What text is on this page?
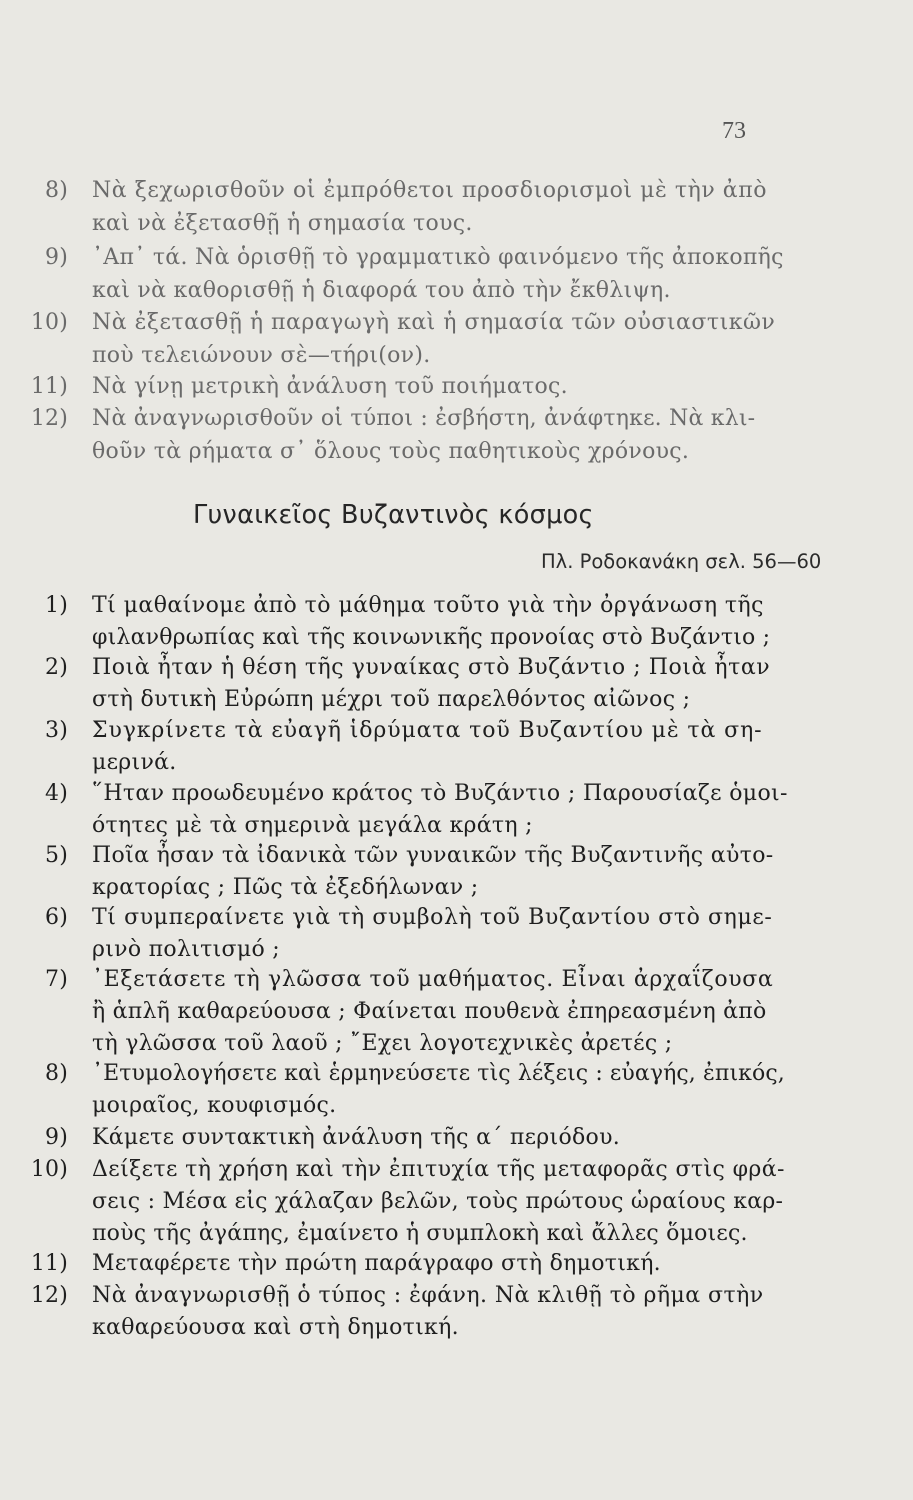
73
8) Νὰ ξεχωρισθοῦν οἱ ἐμπρόθετοι προσδιορισμοὶ μὲ τὴν ἀπὸ
καὶ νὰ ἐξετασθῇ ἡ σημασία τους.
9) ᾿Απ᾿ τά. Νὰ ὁρισθῇ τὸ γραμματικὸ φαινόμενο τῆς ἀποκοπῆς
καὶ νὰ καθορισθῇ ἡ διαφορά του ἀπὸ τὴν ἔκθλιψη.
10) Νὰ ἐξετασθῇ ἡ παραγωγὴ καὶ ἡ σημασία τῶν οὐσιαστικῶν
ποὺ τελειώνουν σὲ—τήρι(ον).
11) Νὰ γίνῃ μετρικὴ ἀνάλυση τοῦ ποιήματος.
12) Νὰ ἀναγνωρισθοῦν οἱ τύποι : ἐσβήστη, ἀνάφτηκε. Νὰ κλι-
θοῦν τὰ ρήματα σ᾿ ὅλους τοὺς παθητικοὺς χρόνους.
Γυναικεῖος Βυζαντινὸς κόσμος
Πλ. Ροδοκανάκη σελ. 56—60
1) Τί μαθαίνομε ἀπὸ τὸ μάθημα τοῦτο γιὰ τὴν ὀργάνωση τῆς
φιλανθρωπίας καὶ τῆς κοινωνικῆς προνοίας στὸ Βυζάντιο ;
2) Ποιὰ ἦταν ἡ θέση τῆς γυναίκας στὸ Βυζάντιο ; Ποιὰ ἦταν
στὴ δυτικὴ Εὐρώπη μέχρι τοῦ παρελθόντος αἰῶνος ;
3) Συγκρίνετε τὰ εὐαγῆ ἱδρύματα τοῦ Βυζαντίου μὲ τὰ ση-
μερινά.
4) ῞Ηταν προωδευμένο κράτος τὸ Βυζάντιο ; Παρουσίαζε ὁμοι-
ότητες μὲ τὰ σημερινὰ μεγάλα κράτη ;
5) Ποῖα ἦσαν τὰ ἰδανικὰ τῶν γυναικῶν τῆς Βυζαντινῆς αὐτο-
κρατορίας ; Πῶς τὰ ἐξεδήλωναν ;
6) Τί συμπεραίνετε γιὰ τὴ συμβολὴ τοῦ Βυζαντίου στὸ σημε-
ρινὸ πολιτισμό ;
7) ᾿Εξετάσετε τὴ γλῶσσα τοῦ μαθήματος. Εἶναι ἀρχαΐζουσα
ἢ ἁπλῆ καθαρεύουσα ; Φαίνεται πουθενὰ ἐπηρεασμένη ἀπὸ
τὴ γλῶσσα τοῦ λαοῦ ; ῎Εχει λογοτεχνικὲς ἀρετές ;
8) ᾿Ετυμολογήσετε καὶ ἑρμηνεύσετε τὶς λέξεις : εὐαγής, ἐπικός,
μοιραῖος, κουφισμός.
9) Κάμετε συντακτικὴ ἀνάλυση τῆς α΄ περιόδου.
10) Δείξετε τὴ χρήση καὶ τὴν ἐπιτυχία τῆς μεταφορᾶς στὶς φρά-
σεις : Μέσα εἰς χάλαζαν βελῶν, τοὺς πρώτους ὡραίους καρ-
ποὺς τῆς ἀγάπης, ἐμαίνετο ἡ συμπλοκὴ καὶ ἄλλες ὅμοιες.
11) Μεταφέρετε τὴν πρώτη παράγραφο στὴ δημοτική.
12) Νὰ ἀναγνωρισθῇ ὁ τύπος : ἐφάνη. Νὰ κλιθῇ τὸ ρῆμα στὴν
καθαρεύουσα καὶ στὴ δημοτική.
